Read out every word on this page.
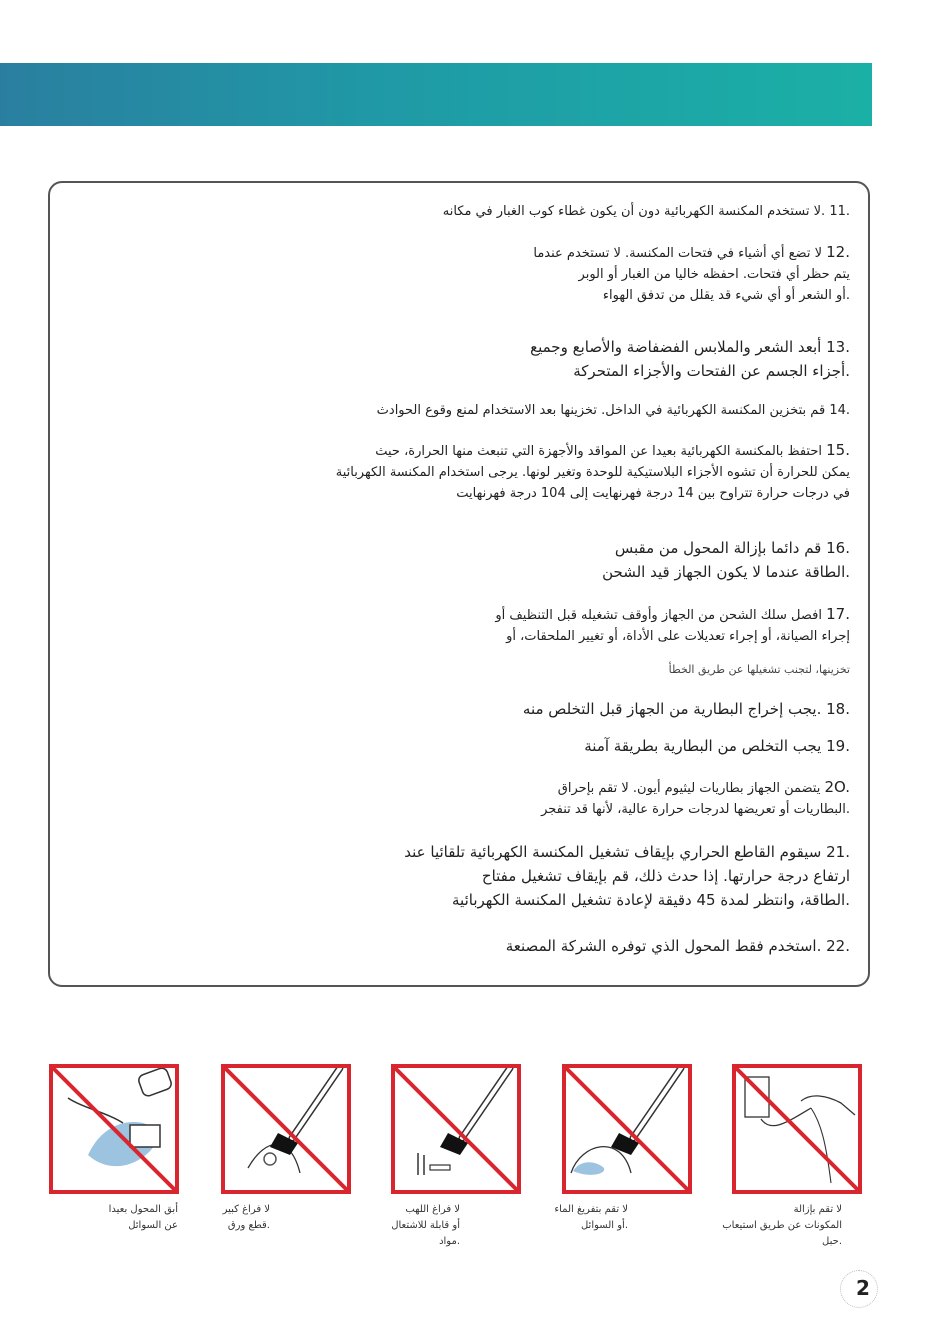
11. .لا تستخدم المكنسة الكهربائية دون أن يكون غطاء كوب الغبار في مكانه
12. لا تضع أي أشياء في فتحات المكنسة. لا تستخدم عندما
يتم حظر أي فتحات. احفظه خاليا من الغبار أو الوبر
.أو الشعر أو أي شيء قد يقلل من تدفق الهواء
13. أبعد الشعر والملابس الفضفاضة والأصابع وجميع
.أجزاء الجسم عن الفتحات والأجزاء المتحركة
14. قم بتخزين المكنسة الكهربائية في الداخل. تخزينها بعد الاستخدام لمنع وقوع الحوادث
15. احتفظ بالمكنسة الكهربائية بعيدا عن المواقد والأجهزة التي تنبعث منها الحرارة، حيث
يمكن للحرارة أن تشوه الأجزاء البلاستيكية للوحدة وتغير لونها. يرجى استخدام المكنسة الكهربائية
في درجات حرارة تتراوح بين 14 درجة فهرنهايت إلى 104 درجة فهرنهايت
16. قم دائما بإزالة المحول من مقبس
.الطاقة عندما لا يكون الجهاز قيد الشحن
17. افصل سلك الشحن من الجهاز وأوقف تشغيله قبل التنظيف أو
إجراء الصيانة، أو إجراء تعديلات على الأداة، أو تغيير الملحقات، أو
تخزينها، لتجنب تشغيلها عن طريق الخطأ
18. .يجب إخراج البطارية من الجهاز قبل التخلص منه
19. يجب التخلص من البطارية بطريقة آمنة
2O. يتضمن الجهاز بطاريات ليثيوم أيون. لا تقم بإحراق
.البطاريات أو تعريضها لدرجات حرارة عالية، لأنها قد تنفجر
21. سيقوم القاطع الحراري بإيقاف تشغيل المكنسة الكهربائية تلقائيا عند
ارتفاع درجة حرارتها. إذا حدث ذلك، قم بإيقاف تشغيل مفتاح
.الطاقة، وانتظر لمدة 45 دقيقة لإعادة تشغيل المكنسة الكهربائية
22. .استخدم فقط المحول الذي توفره الشركة المصنعة
أبق المحول بعيدا
عن السوائل
لا فراغ كبير
.قطع ورق
لا فراغ اللهب
أو قابلة للاشتعال
.مواد
لا تقم بتفريغ الماء
.أو السوائل
لا تقم بإزالة
المكونات عن طريق استيعاب
.حبل
2
